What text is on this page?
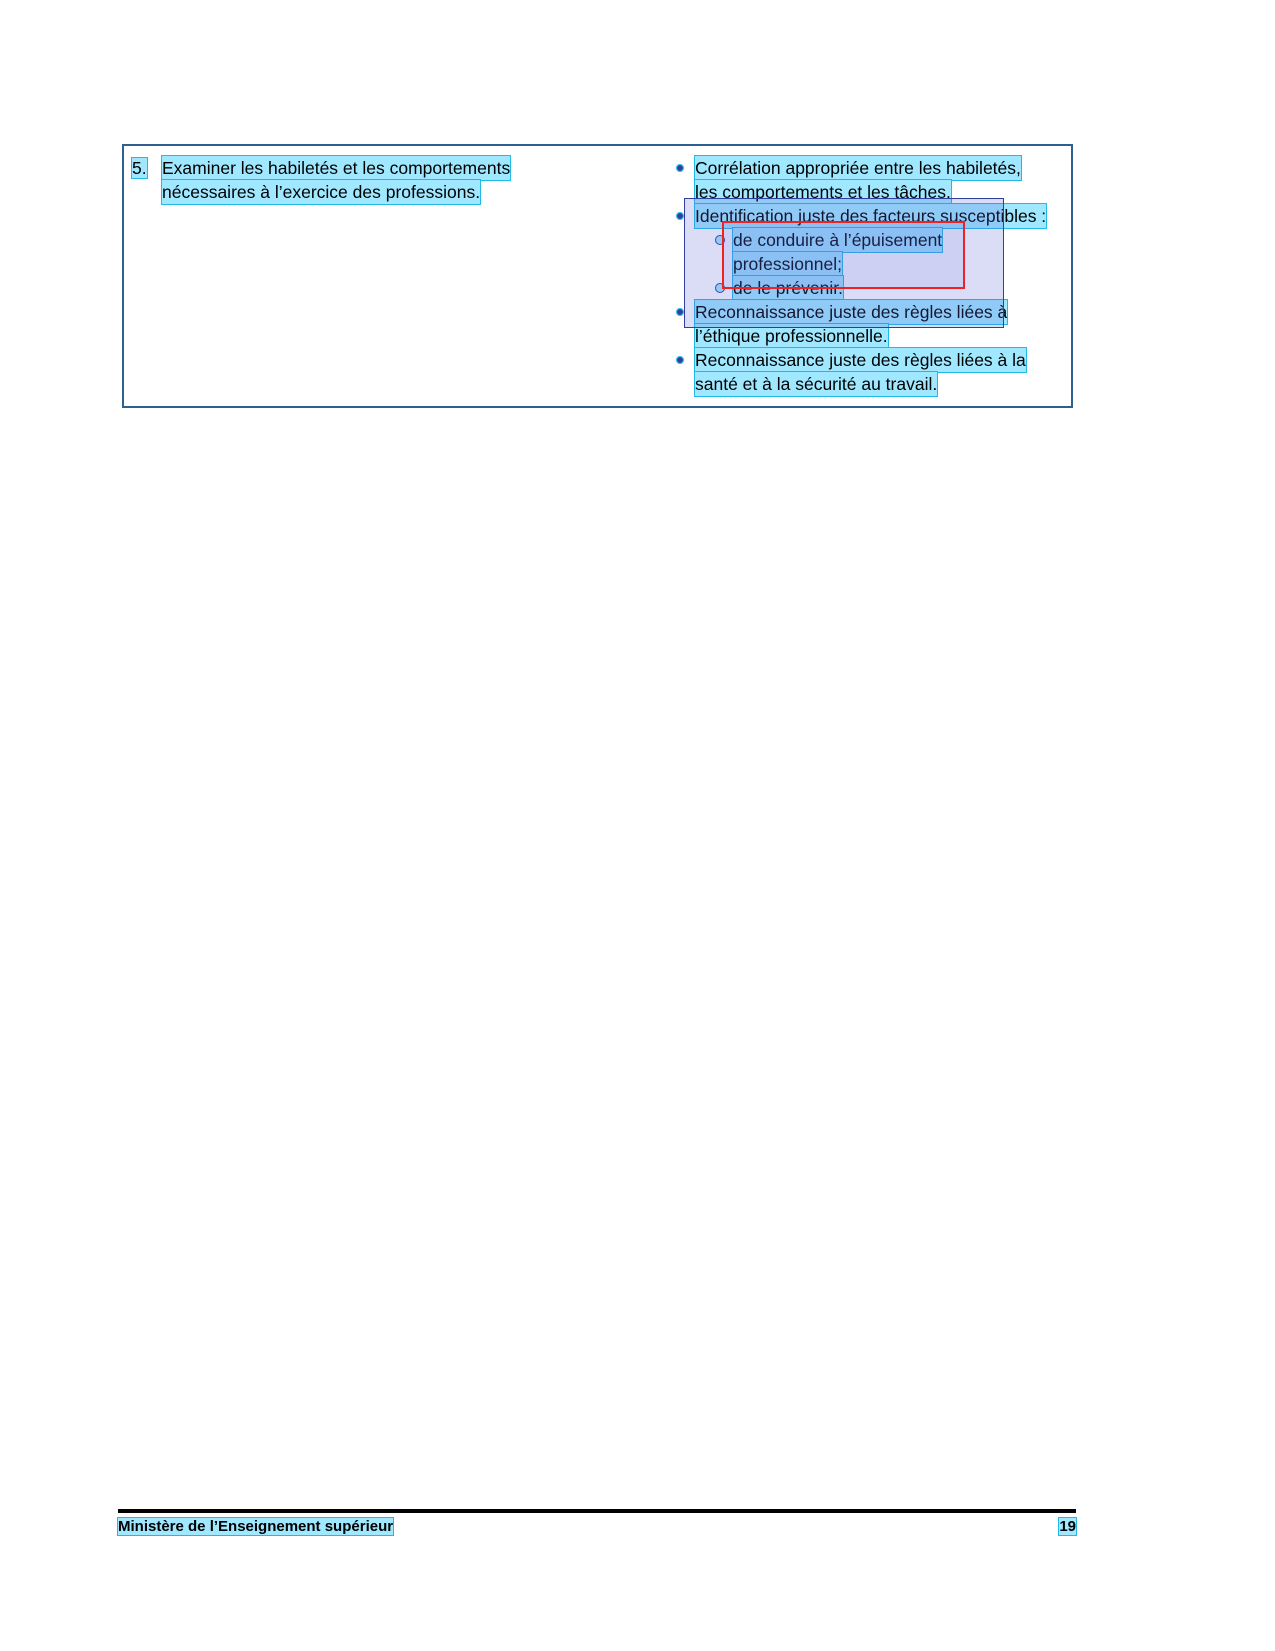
5. Examiner les habiletés et les comportements
nécessaires à l’exercice des professions.
Corrélation appropriée entre les habiletés,
les comportements et les tâches.
Identification juste des facteurs susceptibles :
de conduire à l’épuisement
professionnel;
de le prévenir.
Reconnaissance juste des règles liées à
l’éthique professionnelle.
Reconnaissance juste des règles liées à la
santé et à la sécurité au travail.
Ministère de l’Enseignement supérieur	19
